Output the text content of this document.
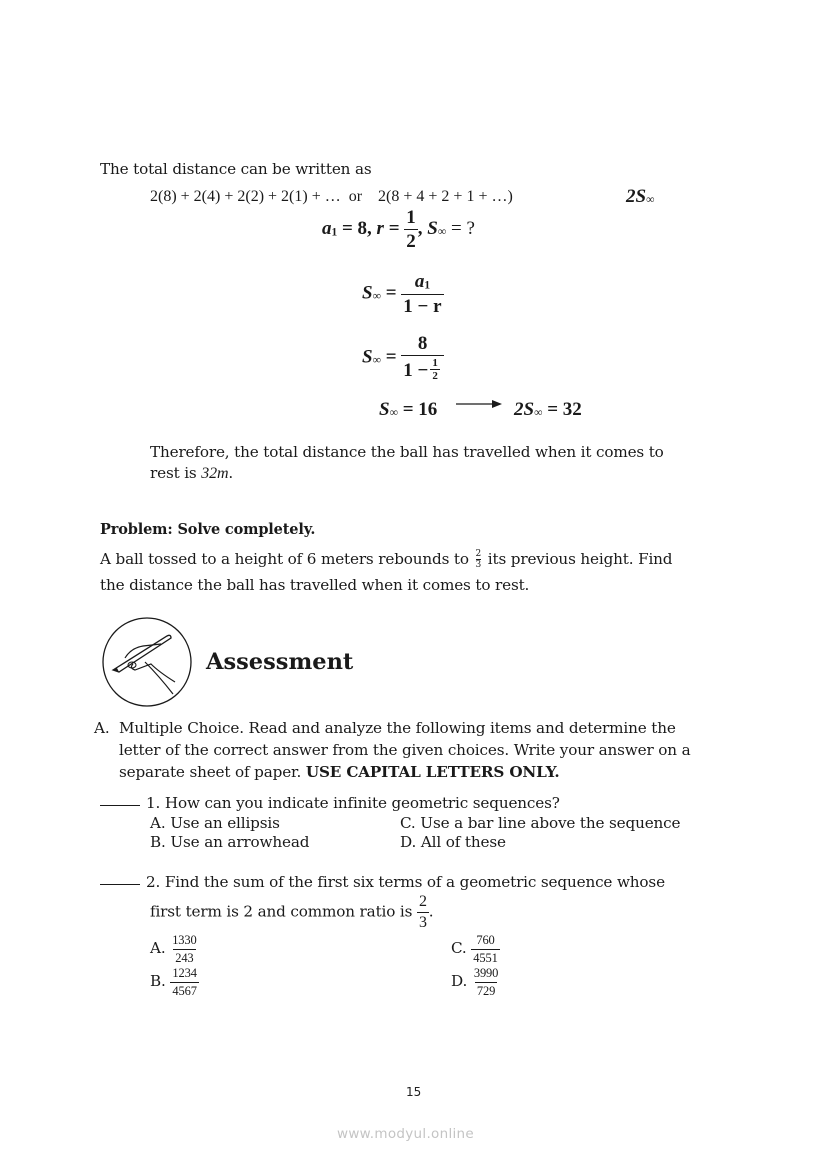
The total distance can be written as
2(8) + 2(4) + 2(2) + 2(1) + … or 2(8 + 4 + 2 + 1 + …)	2S∞
a1 = 8, $r = \frac{1}{2}$ , S∞ = ?
$S\infty = \frac{a1}{1 - r}$
$S\infty = \frac{8}{1 - \frac{1}{2}}$
S∞ = 16	2S∞ = 32
Therefore, the total distance the ball has travelled when it comes to
rest is 32m.
Problem: Solve completely.
A ball tossed to a height of 6 meters rebounds to $\frac{2}{3}$ its previous height. Find
the distance the ball has travelled when it comes to rest.
Assessment
A. Multiple Choice. Read and analyze the following items and determine the
letter of the correct answer from the given choices. Write your answer on a
separate sheet of paper. USE CAPITAL LETTERS ONLY.
1. How can you indicate infinite geometric sequences?
A. Use an ellipsis
B. Use an arrowhead
C. Use a bar line above the sequence
D. All of these
2. Find the sum of the first six terms of a geometric sequence whose
first term is 2 and common ratio is $\frac{2}{3}$ .
A. $\frac{1330}{243}$
B. $\frac{1234}{4567}$
C. $\frac{760}{4551}$
D. $\frac{3990}{729}$
15
www.modyul.online
